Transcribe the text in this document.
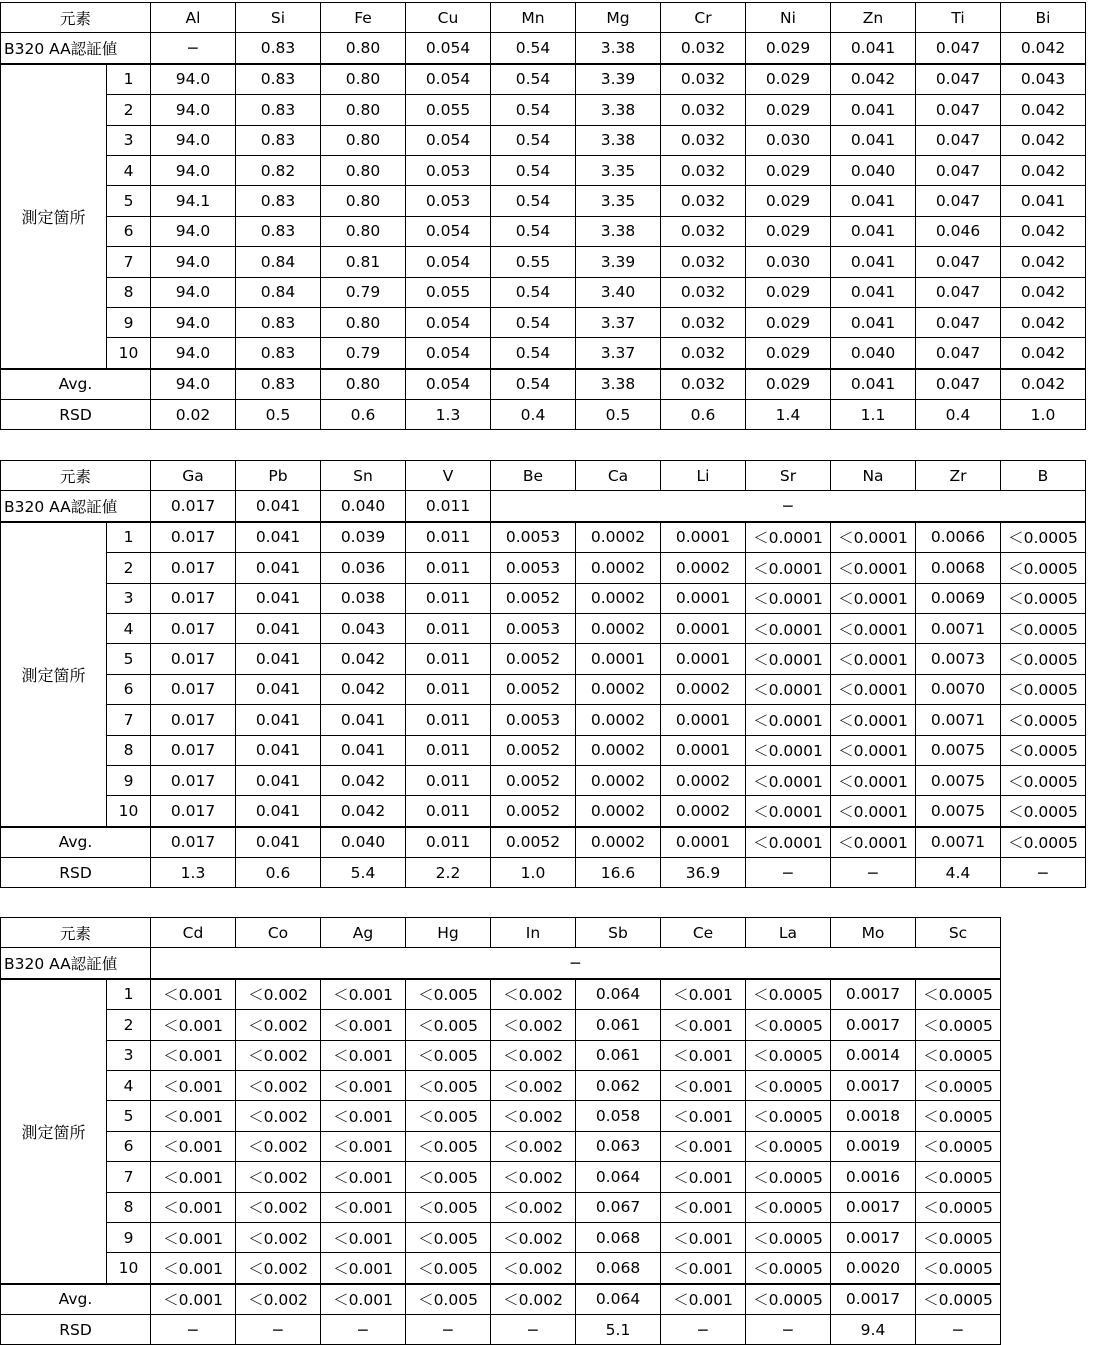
元素		Al	Si	Fe	Cu	Mn	Mg	Cr	Ni	Zn	Ti	Bi
B320 AA認証値		−	0.83	0.80	0.054	0.54	3.38	0.032	0.029	0.041	0.047	0.042
測定箇所	1	94.0	0.83	0.80	0.054	0.54	3.39	0.032	0.029	0.042	0.047	0.043
	2	94.0	0.83	0.80	0.055	0.54	3.38	0.032	0.029	0.041	0.047	0.042
	3	94.0	0.83	0.80	0.054	0.54	3.38	0.032	0.030	0.041	0.047	0.042
	4	94.0	0.82	0.80	0.053	0.54	3.35	0.032	0.029	0.040	0.047	0.042
	5	94.1	0.83	0.80	0.053	0.54	3.35	0.032	0.029	0.041	0.047	0.041
	6	94.0	0.83	0.80	0.054	0.54	3.38	0.032	0.029	0.041	0.046	0.042
	7	94.0	0.84	0.81	0.054	0.55	3.39	0.032	0.030	0.041	0.047	0.042
	8	94.0	0.84	0.79	0.055	0.54	3.40	0.032	0.029	0.041	0.047	0.042
	9	94.0	0.83	0.80	0.054	0.54	3.37	0.032	0.029	0.041	0.047	0.042
	10	94.0	0.83	0.79	0.054	0.54	3.37	0.032	0.029	0.040	0.047	0.042
Avg.		94.0	0.83	0.80	0.054	0.54	3.38	0.032	0.029	0.041	0.047	0.042
RSD		0.02	0.5	0.6	1.3	0.4	0.5	0.6	1.4	1.1	0.4	1.0
元素		Ga	Pb	Sn	V	Be	Ca	Li	Sr	Na	Zr	B
B320 AA認証値		0.017	0.041	0.040	0.011	−						
測定箇所	1	0.017	0.041	0.039	0.011	0.0053	0.0002	0.0001	＜0.0001	＜0.0001	0.0066	＜0.0005
	2	0.017	0.041	0.036	0.011	0.0053	0.0002	0.0002	＜0.0001	＜0.0001	0.0068	＜0.0005
	3	0.017	0.041	0.038	0.011	0.0052	0.0002	0.0001	＜0.0001	＜0.0001	0.0069	＜0.0005
	4	0.017	0.041	0.043	0.011	0.0053	0.0002	0.0001	＜0.0001	＜0.0001	0.0071	＜0.0005
	5	0.017	0.041	0.042	0.011	0.0052	0.0001	0.0001	＜0.0001	＜0.0001	0.0073	＜0.0005
	6	0.017	0.041	0.042	0.011	0.0052	0.0002	0.0002	＜0.0001	＜0.0001	0.0070	＜0.0005
	7	0.017	0.041	0.041	0.011	0.0053	0.0002	0.0001	＜0.0001	＜0.0001	0.0071	＜0.0005
	8	0.017	0.041	0.041	0.011	0.0052	0.0002	0.0001	＜0.0001	＜0.0001	0.0075	＜0.0005
	9	0.017	0.041	0.042	0.011	0.0052	0.0002	0.0002	＜0.0001	＜0.0001	0.0075	＜0.0005
	10	0.017	0.041	0.042	0.011	0.0052	0.0002	0.0002	＜0.0001	＜0.0001	0.0075	＜0.0005
Avg.		0.017	0.041	0.040	0.011	0.0052	0.0002	0.0001	＜0.0001	＜0.0001	0.0071	＜0.0005
RSD		1.3	0.6	5.4	2.2	1.0	16.6	36.9	−	−	4.4	−
元素		Cd	Co	Ag	Hg	In	Sb	Ce	La	Mo	Sc
B320 AA認証値		−									
測定箇所	1	＜0.001	＜0.002	＜0.001	＜0.005	＜0.002	0.064	＜0.001	＜0.0005	0.0017	＜0.0005
	2	＜0.001	＜0.002	＜0.001	＜0.005	＜0.002	0.061	＜0.001	＜0.0005	0.0017	＜0.0005
	3	＜0.001	＜0.002	＜0.001	＜0.005	＜0.002	0.061	＜0.001	＜0.0005	0.0014	＜0.0005
	4	＜0.001	＜0.002	＜0.001	＜0.005	＜0.002	0.062	＜0.001	＜0.0005	0.0017	＜0.0005
	5	＜0.001	＜0.002	＜0.001	＜0.005	＜0.002	0.058	＜0.001	＜0.0005	0.0018	＜0.0005
	6	＜0.001	＜0.002	＜0.001	＜0.005	＜0.002	0.063	＜0.001	＜0.0005	0.0019	＜0.0005
	7	＜0.001	＜0.002	＜0.001	＜0.005	＜0.002	0.064	＜0.001	＜0.0005	0.0016	＜0.0005
	8	＜0.001	＜0.002	＜0.001	＜0.005	＜0.002	0.067	＜0.001	＜0.0005	0.0017	＜0.0005
	9	＜0.001	＜0.002	＜0.001	＜0.005	＜0.002	0.068	＜0.001	＜0.0005	0.0017	＜0.0005
	10	＜0.001	＜0.002	＜0.001	＜0.005	＜0.002	0.068	＜0.001	＜0.0005	0.0020	＜0.0005
Avg.		＜0.001	＜0.002	＜0.001	＜0.005	＜0.002	0.064	＜0.001	＜0.0005	0.0017	＜0.0005
RSD		−	−	−	−	−	5.1	−	−	9.4	−
